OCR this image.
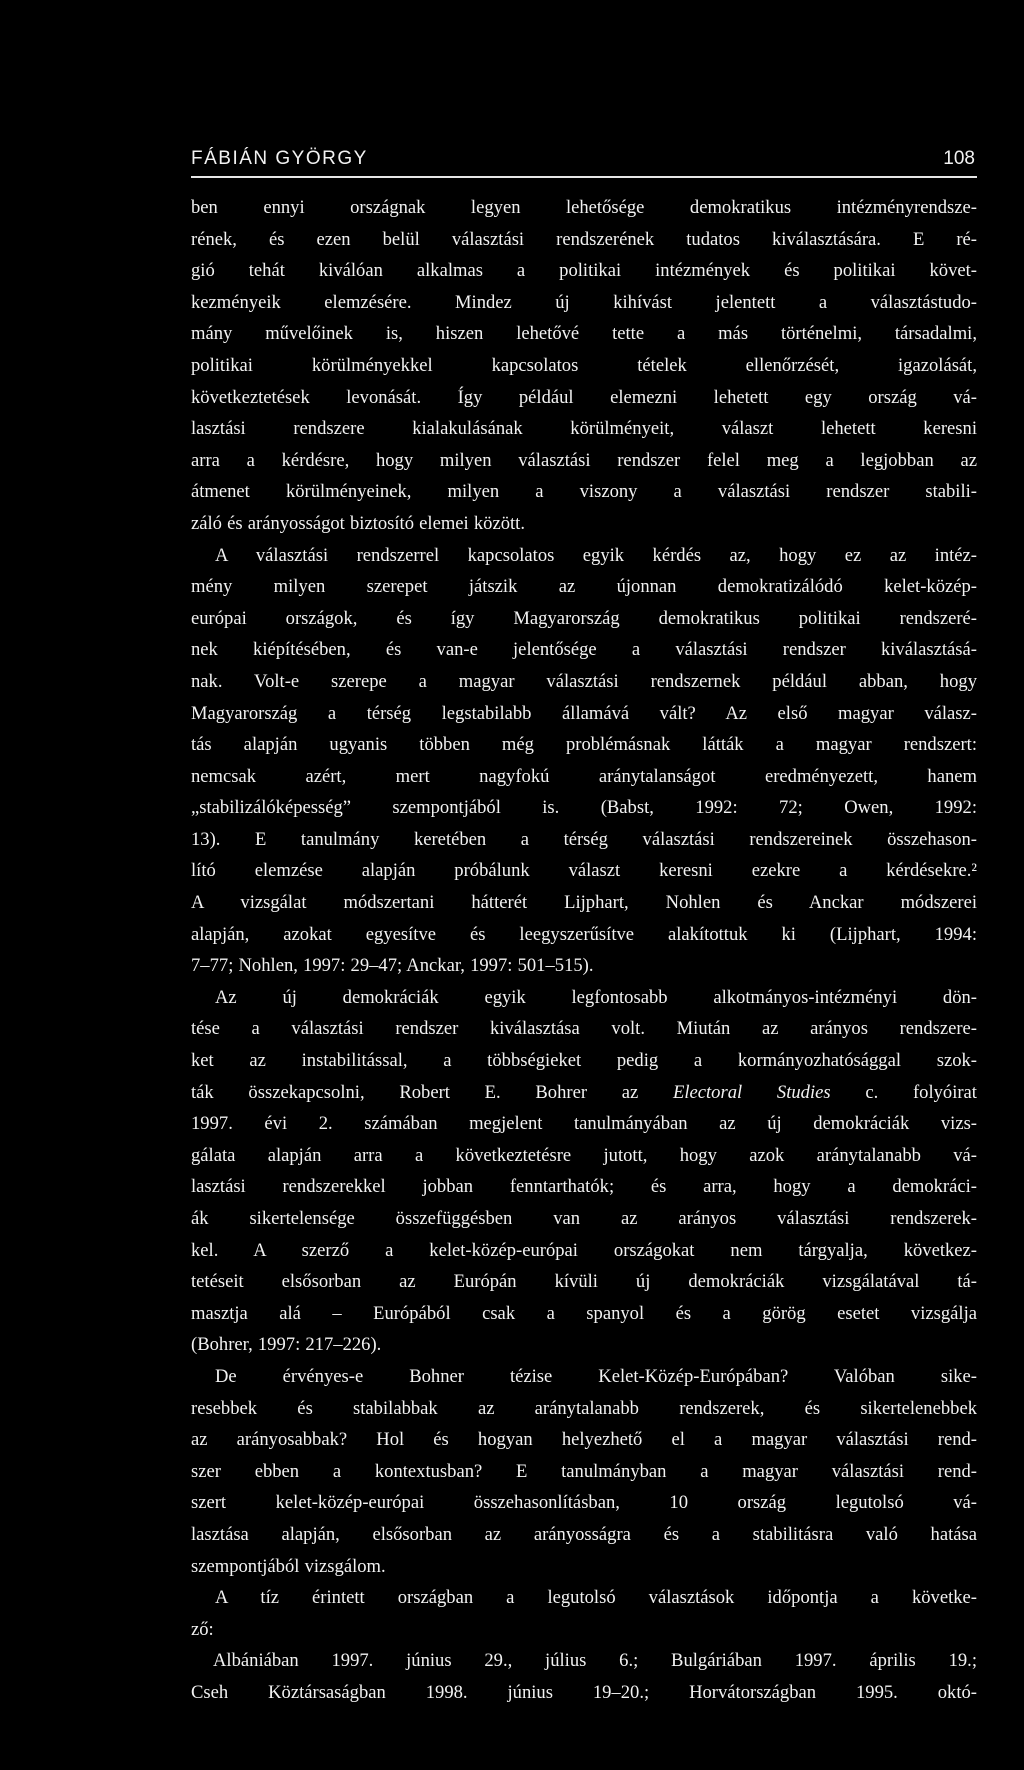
FÁBIÁN GYÖRGY	108
ben ennyi országnak legyen lehetősége demokratikus intézményrendsze-
rének, és ezen belül választási rendszerének tudatos kiválasztására. E ré-
gió tehát kiválóan alkalmas a politikai intézmények és politikai követ-
kezményeik elemzésére. Mindez új kihívást jelentett a választástudo-
mány művelőinek is, hiszen lehetővé tette a más történelmi, társadalmi,
politikai körülményekkel kapcsolatos tételek ellenőrzését, igazolását,
következtetések levonását. Így például elemezni lehetett egy ország vá-
lasztási rendszere kialakulásának körülményeit, választ lehetett keresni
arra a kérdésre, hogy milyen választási rendszer felel meg a legjobban az
átmenet körülményeinek, milyen a viszony a választási rendszer stabili-
záló és arányosságot biztosító elemei között.
A választási rendszerrel kapcsolatos egyik kérdés az, hogy ez az intéz-
mény milyen szerepet játszik az újonnan demokratizálódó kelet-közép-
európai országok, és így Magyarország demokratikus politikai rendszeré-
nek kiépítésében, és van-e jelentősége a választási rendszer kiválasztásá-
nak. Volt-e szerepe a magyar választási rendszernek például abban, hogy
Magyarország a térség legstabilabb államává vált? Az első magyar válasz-
tás alapján ugyanis többen még problémásnak látták a magyar rendszert:
nemcsak azért, mert nagyfokú aránytalanságot eredményezett, hanem
„stabilizálóképesség” szempontjából is. (Babst, 1992: 72; Owen, 1992:
13). E tanulmány keretében a térség választási rendszereinek összehason-
lító elemzése alapján próbálunk választ keresni ezekre a kérdésekre.²
A vizsgálat módszertani hátterét Lijphart, Nohlen és Anckar módszerei
alapján, azokat egyesítve és leegyszerűsítve alakítottuk ki (Lijphart, 1994:
7–77; Nohlen, 1997: 29–47; Anckar, 1997: 501–515).
Az új demokráciák egyik legfontosabb alkotmányos-intézményi dön-
tése a választási rendszer kiválasztása volt. Miután az arányos rendszere-
ket az instabilitással, a többségieket pedig a kormányozhatósággal szok-
ták összekapcsolni, Robert E. Bohrer az Electoral Studies c. folyóirat
1997. évi 2. számában megjelent tanulmányában az új demokráciák vizs-
gálata alapján arra a következtetésre jutott, hogy azok aránytalanabb vá-
lasztási rendszerekkel jobban fenntarthatók; és arra, hogy a demokráci-
ák sikertelensége összefüggésben van az arányos választási rendszerek-
kel. A szerző a kelet-közép-európai országokat nem tárgyalja, következ-
tetéseit elsősorban az Európán kívüli új demokráciák vizsgálatával tá-
masztja alá – Európából csak a spanyol és a görög esetet vizsgálja
(Bohrer, 1997: 217–226).
De érvényes-e Bohner tézise Kelet-Közép-Európában? Valóban sike-
resebbek és stabilabbak az aránytalanabb rendszerek, és sikertelenebbek
az arányosabbak? Hol és hogyan helyezhető el a magyar választási rend-
szer ebben a kontextusban? E tanulmányban a magyar választási rend-
szert kelet-közép-európai összehasonlításban, 10 ország legutolsó vá-
lasztása alapján, elsősorban az arányosságra és a stabilitásra való hatása
szempontjából vizsgálom.
A tíz érintett országban a legutolsó választások időpontja a követke-
ző:
Albániában 1997. június 29., július 6.; Bulgáriában 1997. április 19.;
Cseh Köztársaságban 1998. június 19–20.; Horvátországban 1995. októ-
